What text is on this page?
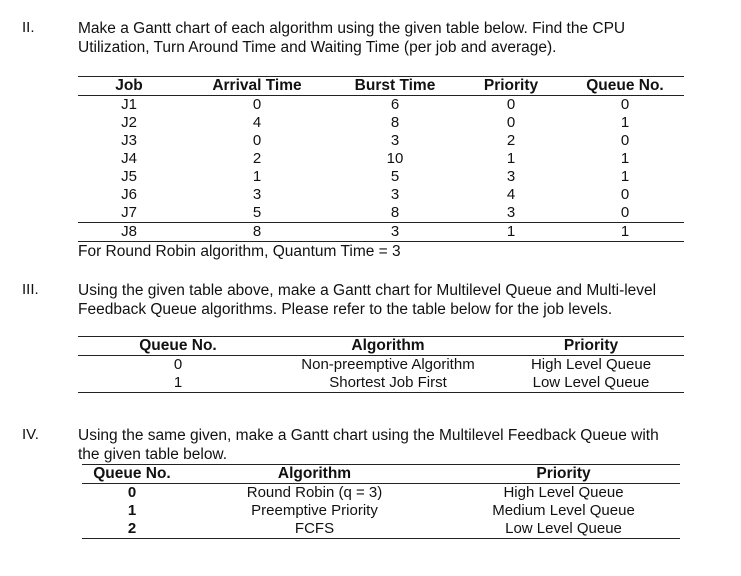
II.	Make a Gantt chart of each algorithm using the given table below. Find the CPU
Utilization, Turn Around Time and Waiting Time (per job and average).
Job	Arrival Time	Burst Time	Priority	Queue No.
J1	0	6	0	0
J2	4	8	0	1
J3	0	3	2	0
J4	2	10	1	1
J5	1	5	3	1
J6	3	3	4	0
J7	5	8	3	0
J8	8	3	1	1
For Round Robin algorithm, Quantum Time = 3
III.	Using the given table above, make a Gantt chart for Multilevel Queue and Multi-level
Feedback Queue algorithms. Please refer to the table below for the job levels.
Queue No.	Algorithm	Priority
0	Non-preemptive Algorithm	High Level Queue
1	Shortest Job First	Low Level Queue
IV.	Using the same given, make a Gantt chart using the Multilevel Feedback Queue with
the given table below.
Queue No.	Algorithm	Priority
0	Round Robin (q = 3)	High Level Queue
1	Preemptive Priority	Medium Level Queue
2	FCFS	Low Level Queue
